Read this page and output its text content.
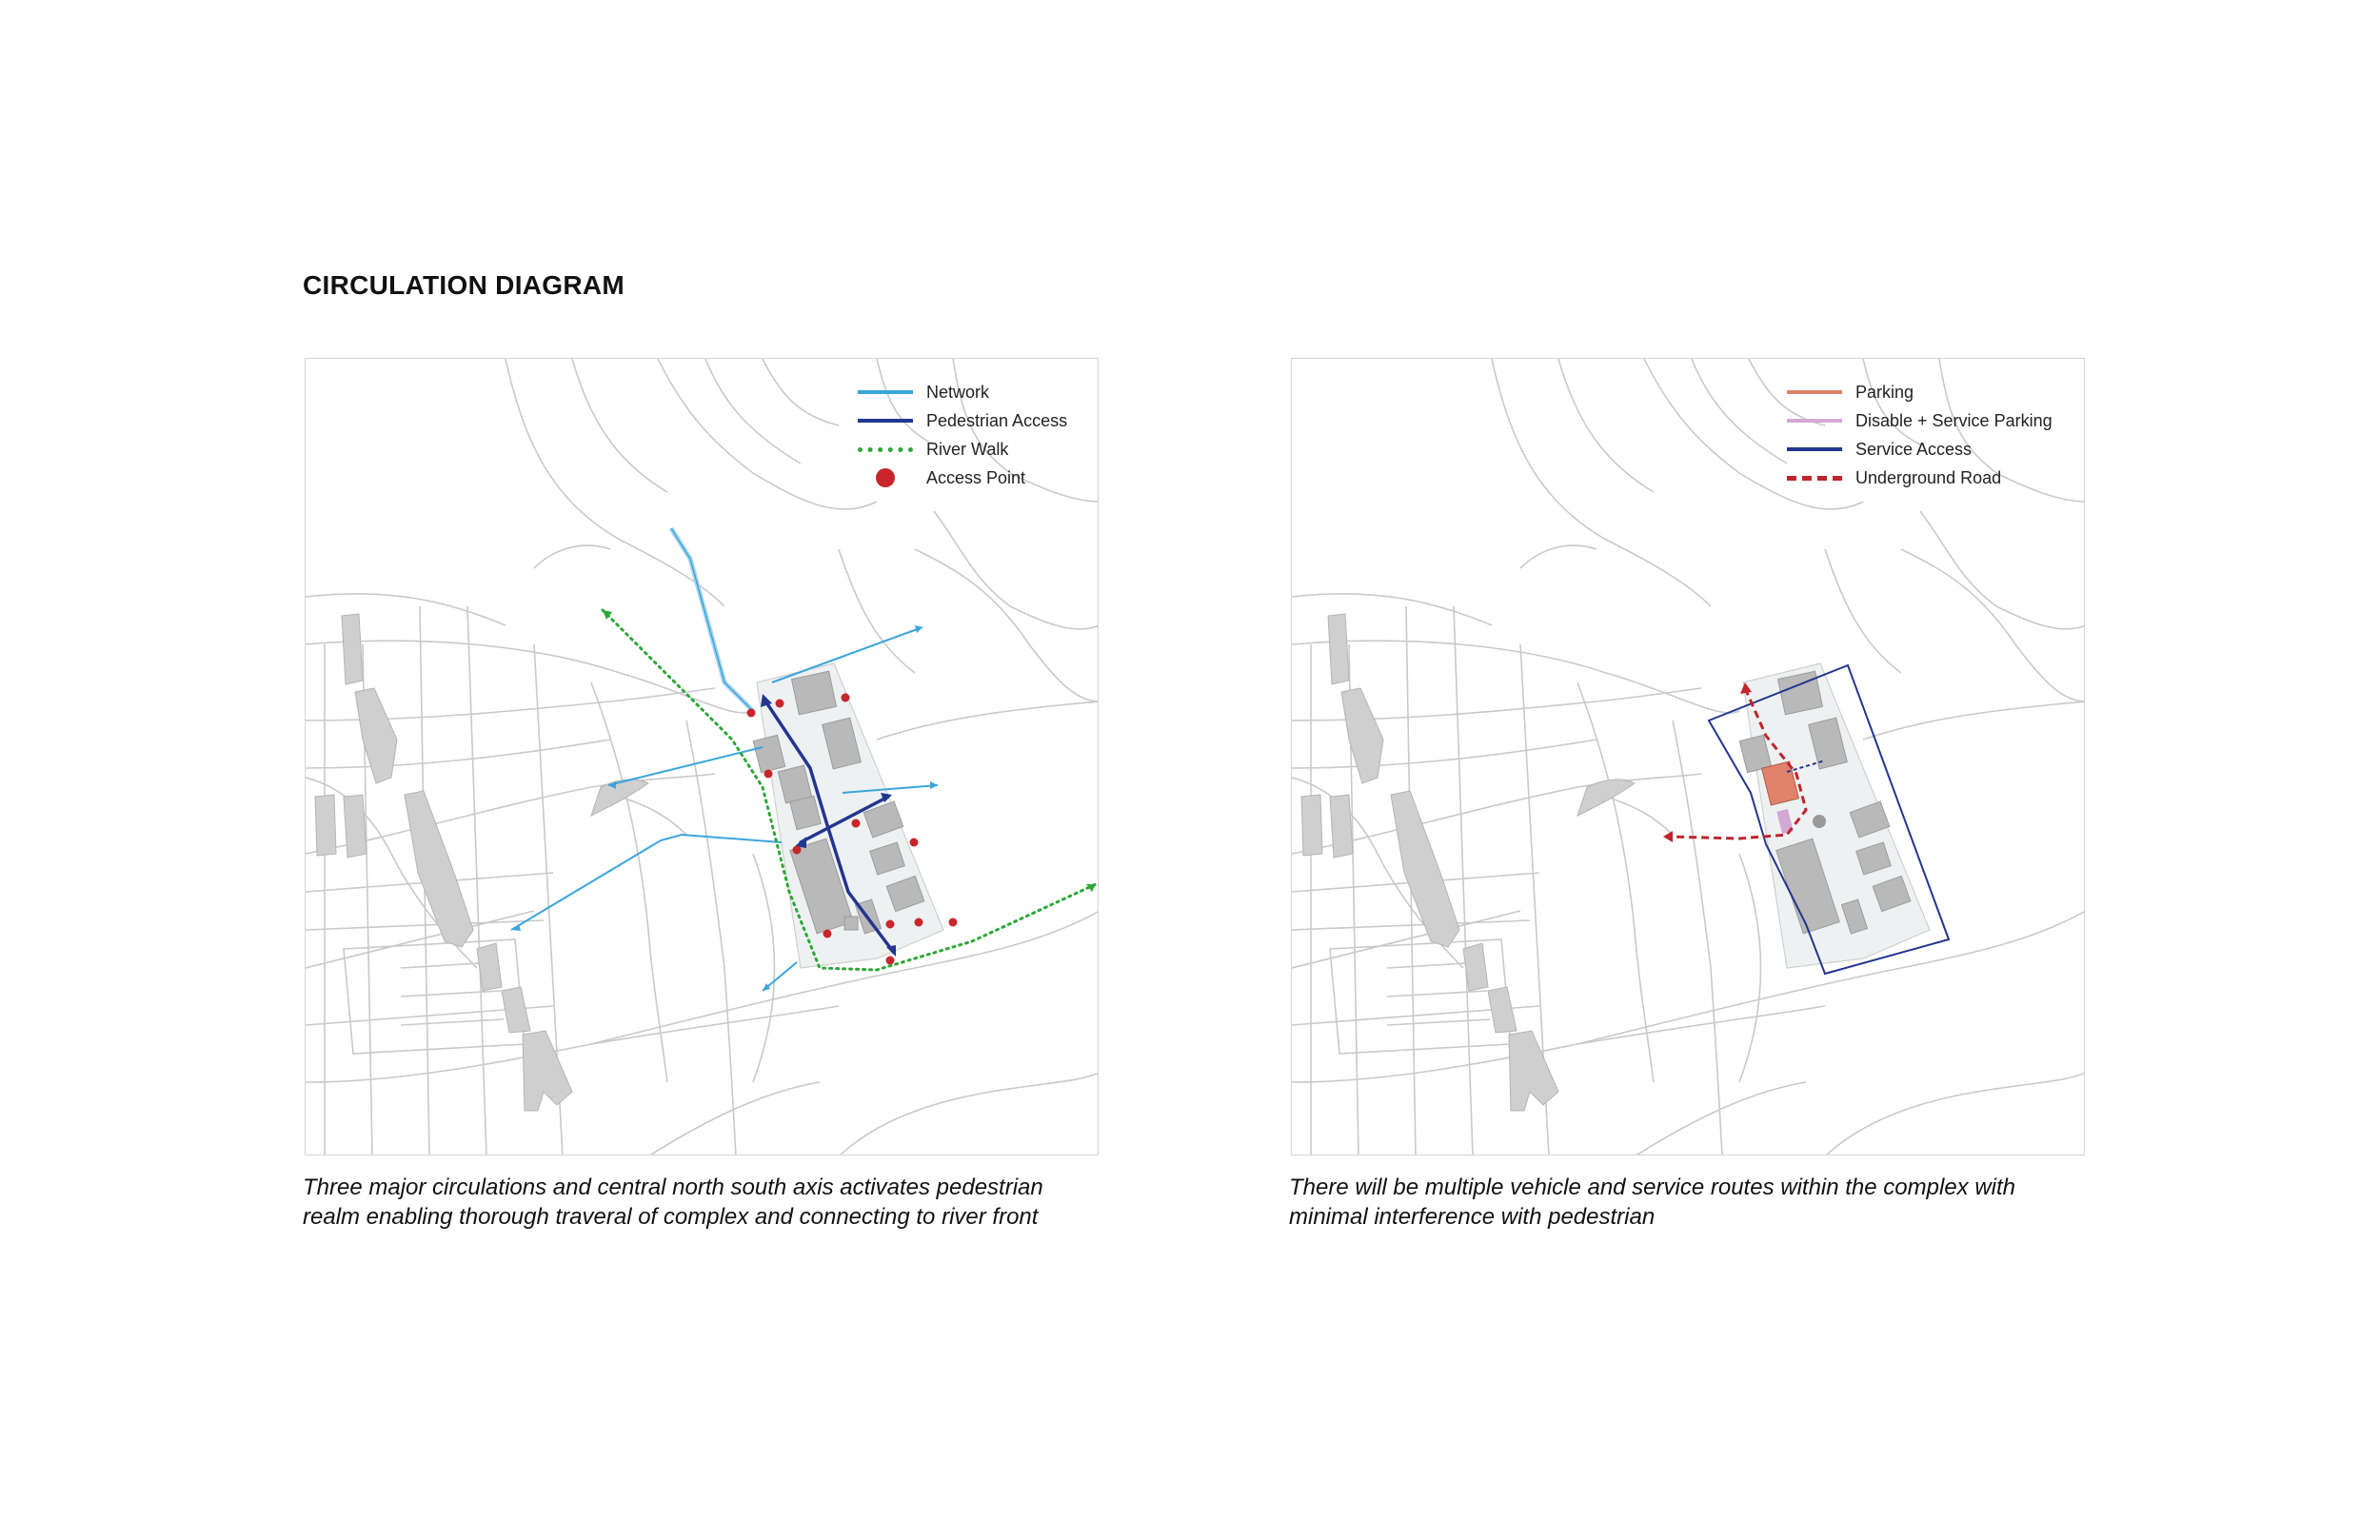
CIRCULATION DIAGRAM
Network
Pedestrian Access
River Walk
Access Point
Parking
Disable + Service Parking
Service Access
Underground Road

Three major circulations and central north south axis activates pedestrian
realm enabling thorough traveral of complex and connecting to river front

There will be multiple vehicle and service routes within the complex with
minimal interference with pedestrian
